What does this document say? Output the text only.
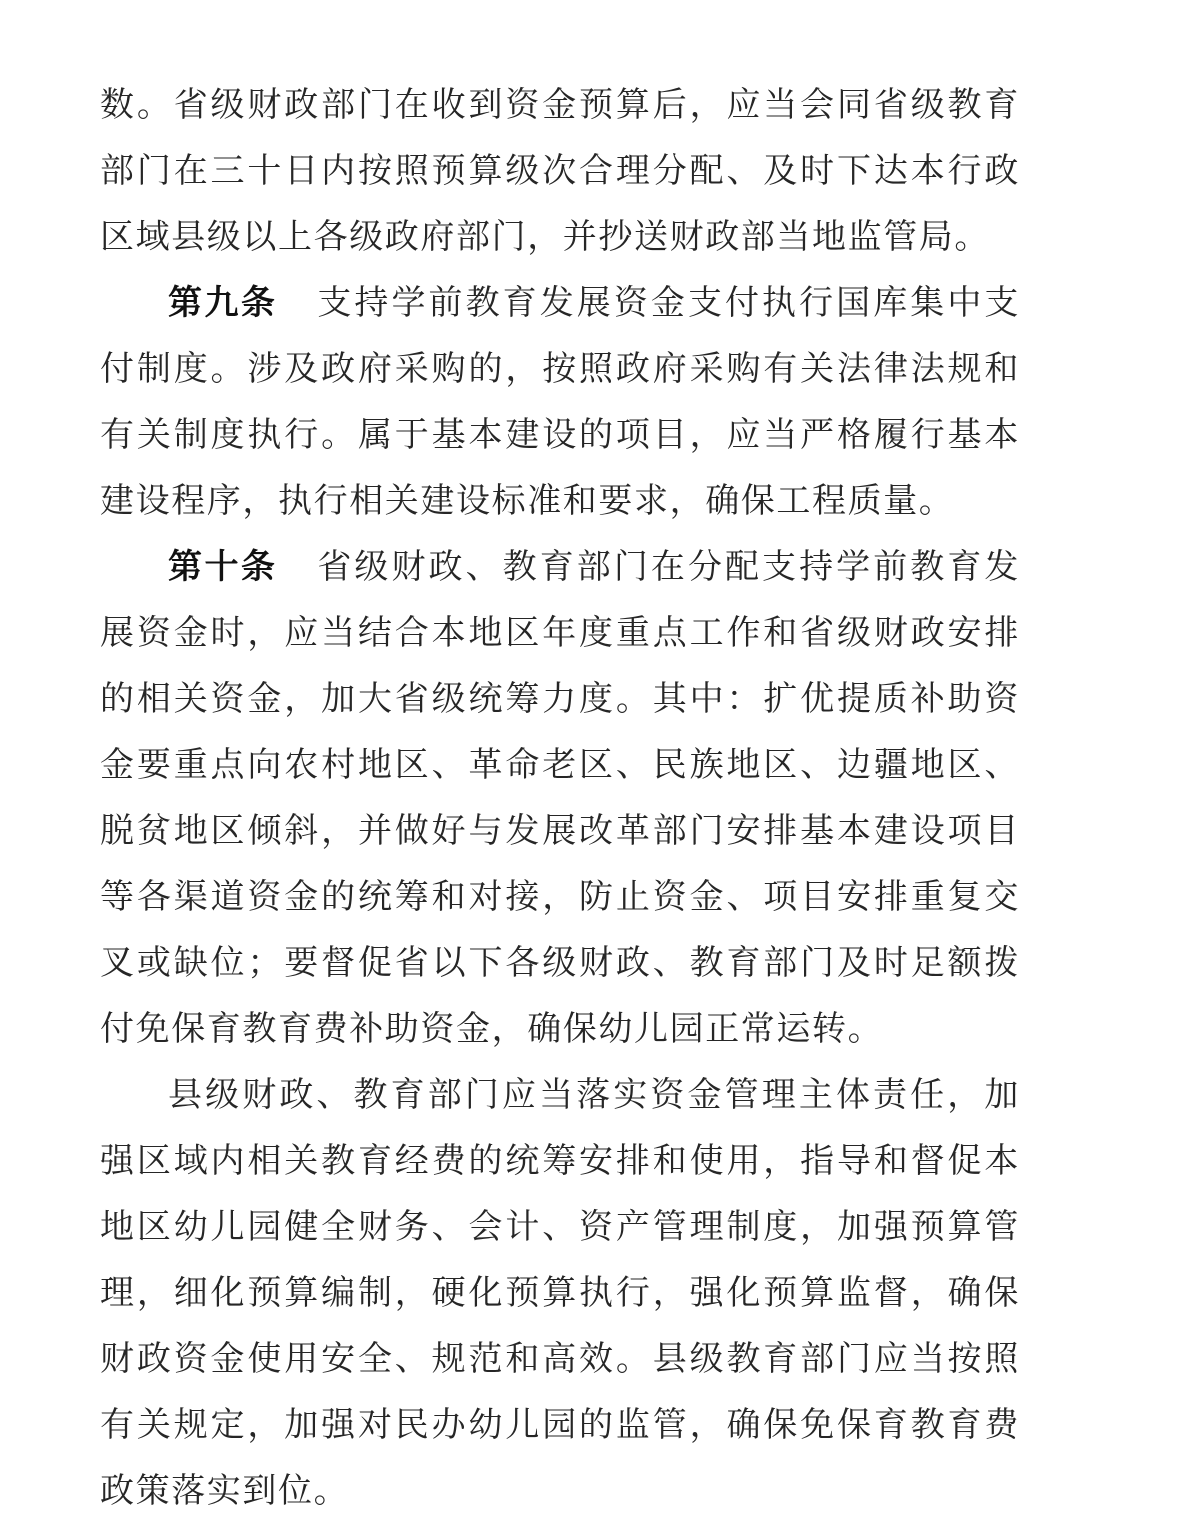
数。省级财政部门在收到资金预算后，应当会同省级教育部门在三十日内按照预算级次合理分配、及时下达本行政区域县级以上各级政府部门，并抄送财政部当地监管局。

第九条 支持学前教育发展资金支付执行国库集中支付制度。涉及政府采购的，按照政府采购有关法律法规和有关制度执行。属于基本建设的项目，应当严格履行基本建设程序，执行相关建设标准和要求，确保工程质量。

第十条 省级财政、教育部门在分配支持学前教育发展资金时，应当结合本地区年度重点工作和省级财政安排的相关资金，加大省级统筹力度。其中：扩优提质补助资金要重点向农村地区、革命老区、民族地区、边疆地区、脱贫地区倾斜，并做好与发展改革部门安排基本建设项目等各渠道资金的统筹和对接，防止资金、项目安排重复交叉或缺位；要督促省以下各级财政、教育部门及时足额拨付免保育教育费补助资金，确保幼儿园正常运转。

县级财政、教育部门应当落实资金管理主体责任，加强区域内相关教育经费的统筹安排和使用，指导和督促本地区幼儿园健全财务、会计、资产管理制度，加强预算管理，细化预算编制，硬化预算执行，强化预算监督，确保财政资金使用安全、规范和高效。县级教育部门应当按照有关规定，加强对民办幼儿园的监管，确保免保育教育费政策落实到位。
